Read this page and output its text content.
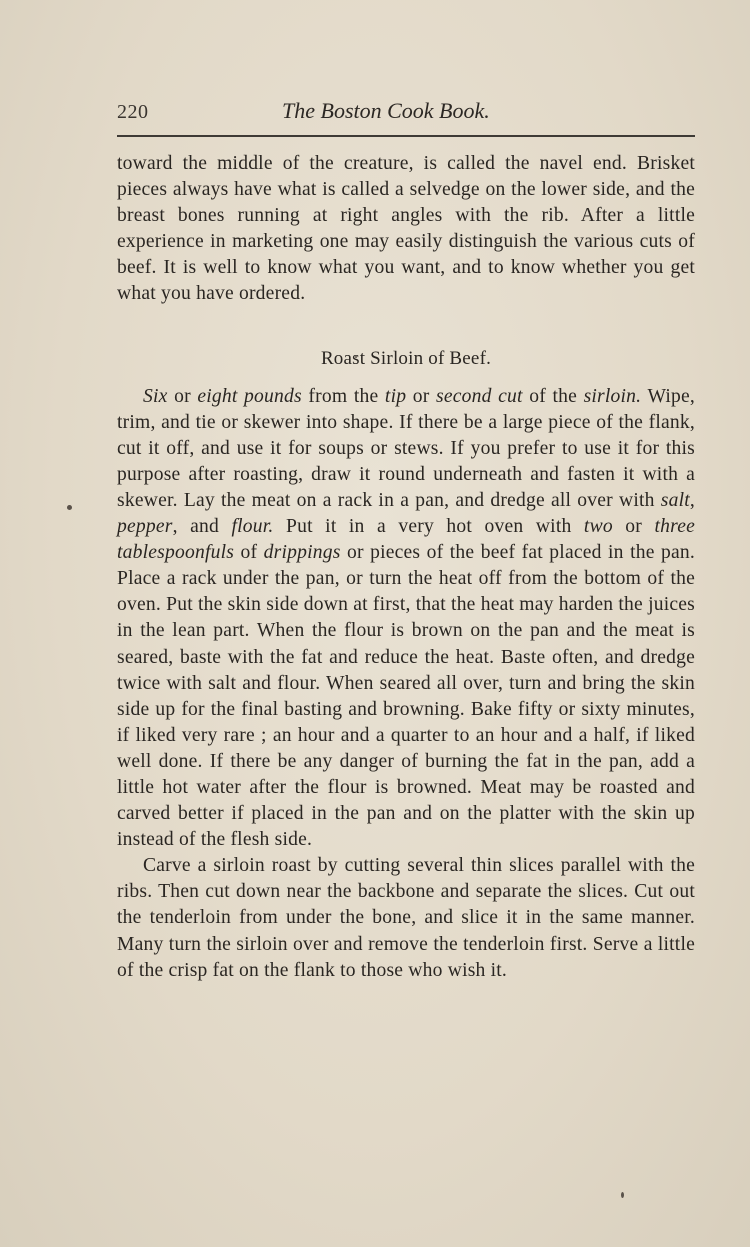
220	The Boston Cook Book.

toward the middle of the creature, is called the navel end. Brisket pieces always have what is called a selvedge on the lower side, and the breast bones running at right angles with the rib. After a little experience in marketing one may easily distinguish the various cuts of beef. It is well to know what you want, and to know whether you get what you have ordered.

Roast Sirloin of Beef.

Six or eight pounds from the tip or second cut of the sirloin. Wipe, trim, and tie or skewer into shape. If there be a large piece of the flank, cut it off, and use it for soups or stews. If you prefer to use it for this purpose after roasting, draw it round underneath and fasten it with a skewer. Lay the meat on a rack in a pan, and dredge all over with salt, pepper, and flour. Put it in a very hot oven with two or three tablespoonfuls of drippings or pieces of the beef fat placed in the pan. Place a rack under the pan, or turn the heat off from the bottom of the oven. Put the skin side down at first, that the heat may harden the juices in the lean part. When the flour is brown on the pan and the meat is seared, baste with the fat and reduce the heat. Baste often, and dredge twice with salt and flour. When seared all over, turn and bring the skin side up for the final basting and browning. Bake fifty or sixty minutes, if liked very rare ; an hour and a quarter to an hour and a half, if liked well done. If there be any danger of burning the fat in the pan, add a little hot water after the flour is browned. Meat may be roasted and carved better if placed in the pan and on the platter with the skin up instead of the flesh side.

Carve a sirloin roast by cutting several thin slices parallel with the ribs. Then cut down near the backbone and separate the slices. Cut out the tenderloin from under the bone, and slice it in the same manner. Many turn the sirloin over and remove the tenderloin first. Serve a little of the crisp fat on the flank to those who wish it.
